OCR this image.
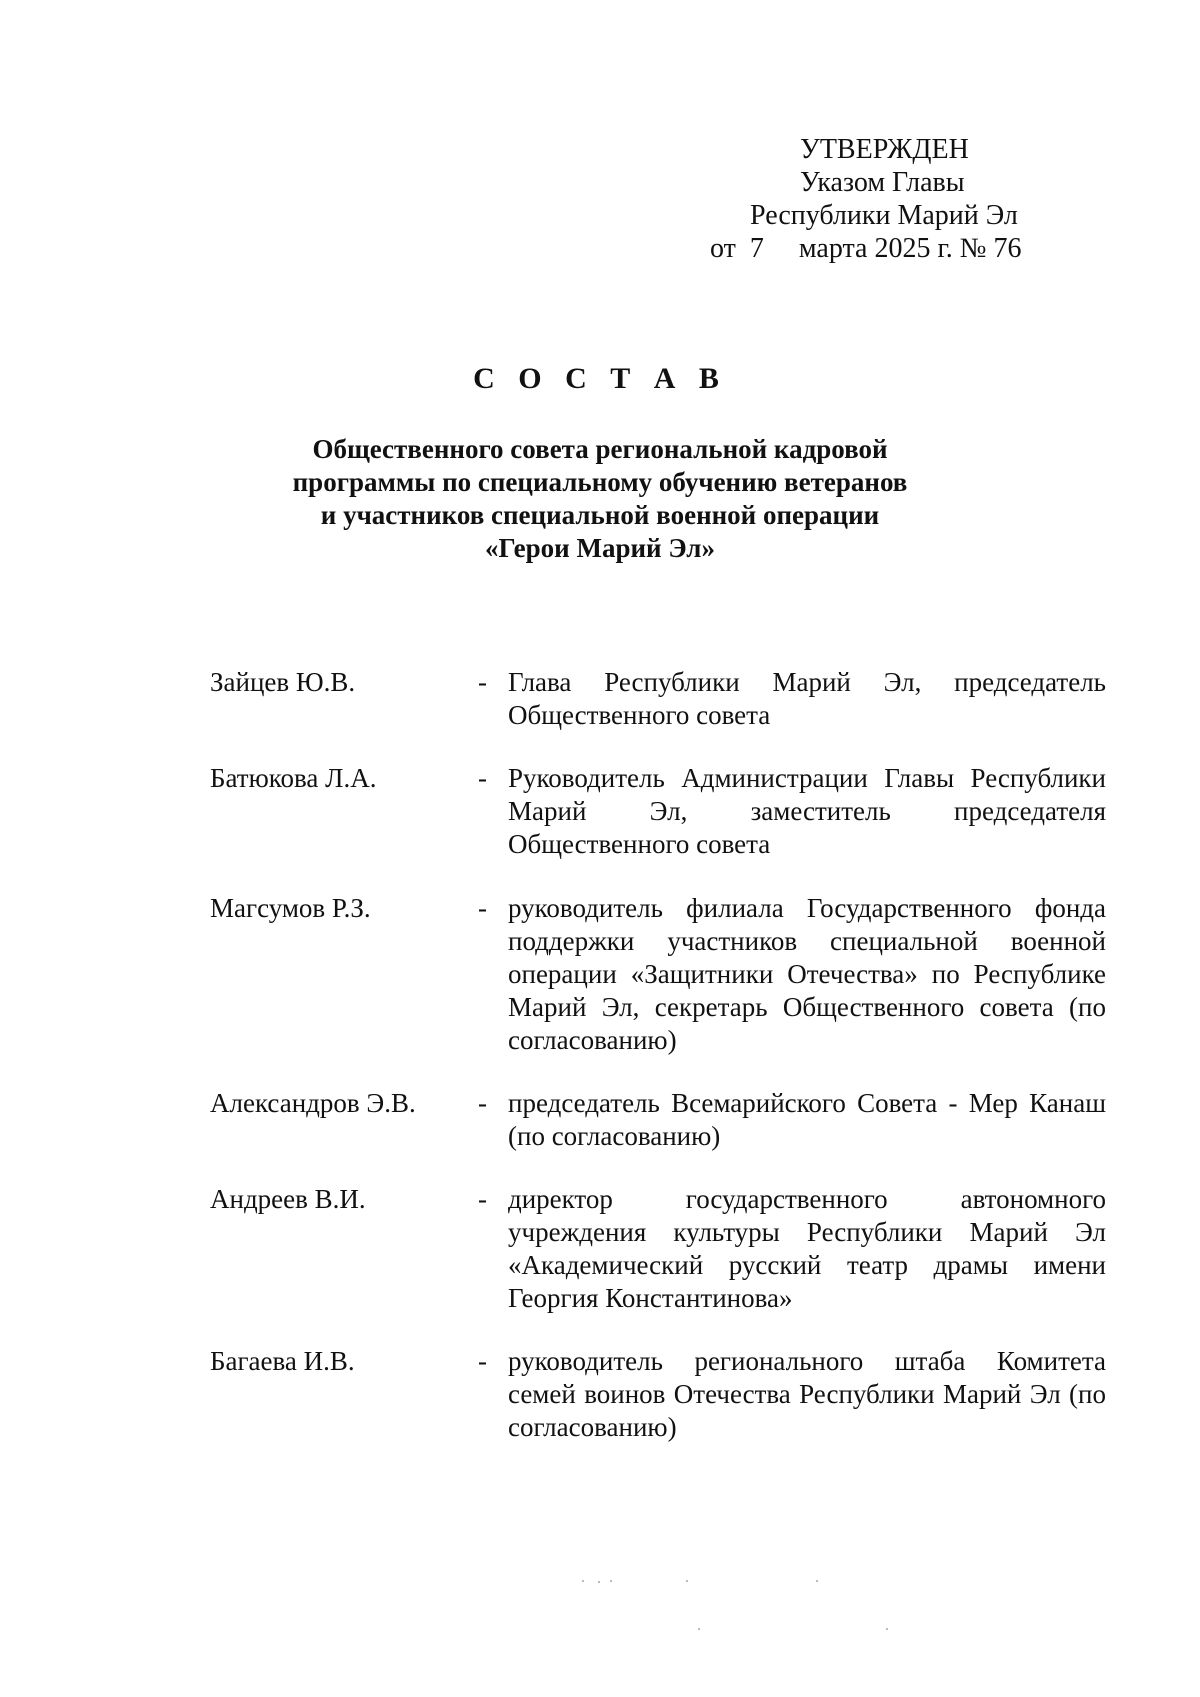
УТВЕРЖДЕН
Указом Главы
Республики Марий Эл
от  7     марта 2025 г. № 76
С О С Т А В
Общественного совета региональной кадровой
программы по специальному обучению ветеранов
и участников специальной военной операции
«Герои Марий Эл»
Зайцев Ю.В.	- Глава Республики Марий Эл, председатель Общественного совета
Батюкова Л.А.	- Руководитель Администрации Главы Республики Марий Эл, заместитель председателя Общественного совета
Магсумов Р.З.	- руководитель филиала Государственного фонда поддержки участников специальной военной операции «Защитники Отечества» по Республике Марий Эл, секретарь Общественного совета (по согласованию)
Александров Э.В.	- председатель Всемарийского Совета - Мер Канаш (по согласованию)
Андреев В.И.	- директор государственного автономного учреждения культуры Республики Марий Эл «Академический русский театр драмы имени Георгия Константинова»
Багаева И.В.	- руководитель регионального штаба Комитета семей воинов Отечества Республики Марий Эл (по согласованию)
